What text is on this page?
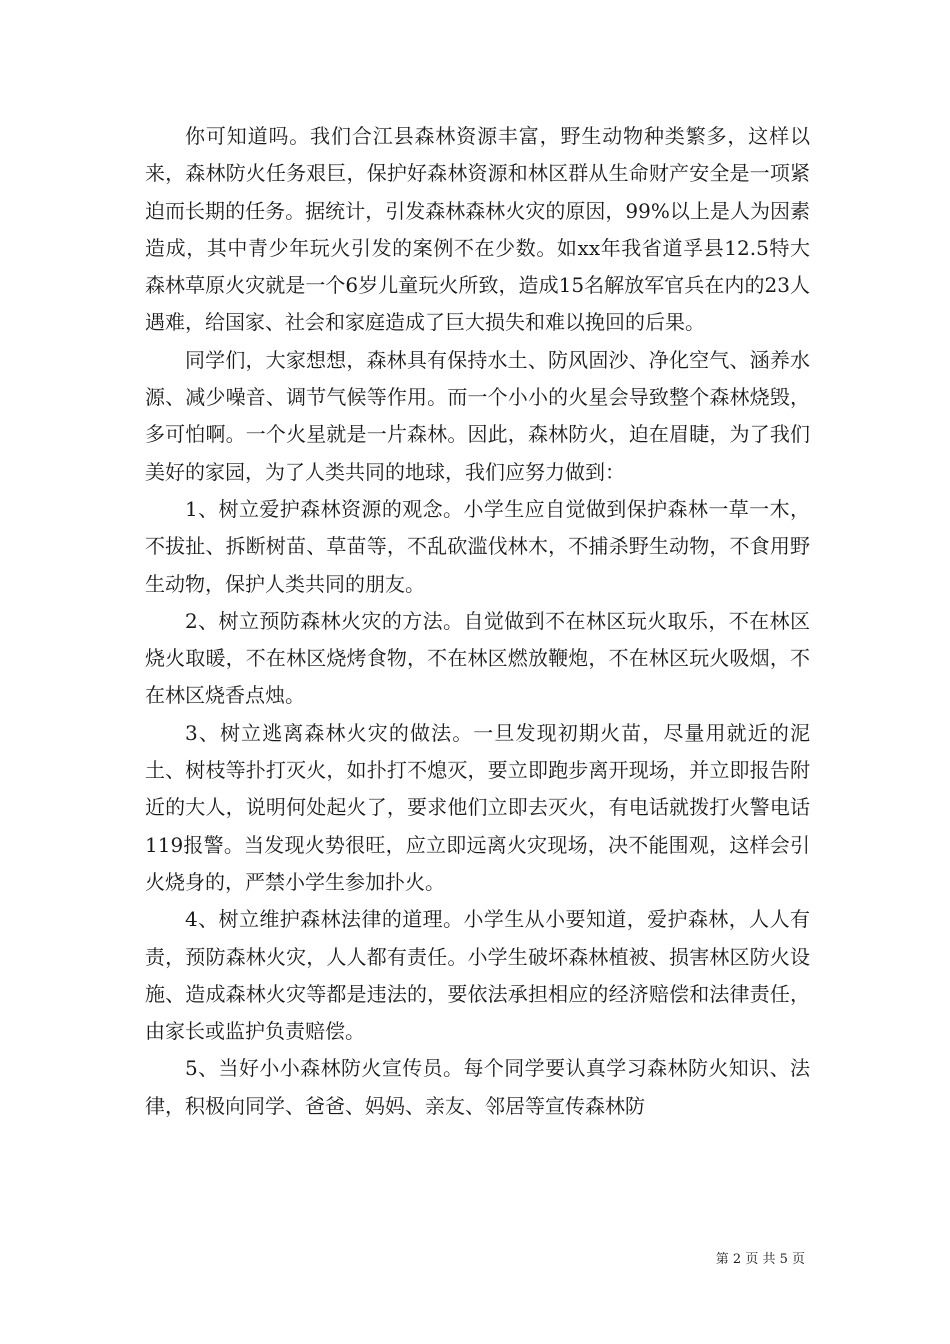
你可知道吗。我们合江县森林资源丰富，野生动物种类繁多，这样以来，森林防火任务艰巨，保护好森林资源和林区群从生命财产安全是一项紧迫而长期的任务。据统计，引发森林森林火灾的原因，99%以上是人为因素造成，其中青少年玩火引发的案例不在少数。如xx年我省道孚县12.5特大森林草原火灾就是一个6岁儿童玩火所致，造成15名解放军官兵在内的23人遇难，给国家、社会和家庭造成了巨大损失和难以挽回的后果。

同学们，大家想想，森林具有保持水土、防风固沙、净化空气、涵养水源、减少噪音、调节气候等作用。而一个小小的火星会导致整个森林烧毁，多可怕啊。一个火星就是一片森林。因此，森林防火，迫在眉睫，为了我们美好的家园，为了人类共同的地球，我们应努力做到：

1、树立爱护森林资源的观念。小学生应自觉做到保护森林一草一木，不拔扯、拆断树苗、草苗等，不乱砍滥伐林木，不捕杀野生动物，不食用野生动物，保护人类共同的朋友。

2、树立预防森林火灾的方法。自觉做到不在林区玩火取乐，不在林区烧火取暖，不在林区烧烤食物，不在林区燃放鞭炮，不在林区玩火吸烟，不在林区烧香点烛。

3、树立逃离森林火灾的做法。一旦发现初期火苗，尽量用就近的泥土、树枝等扑打灭火，如扑打不熄灭，要立即跑步离开现场，并立即报告附近的大人，说明何处起火了，要求他们立即去灭火，有电话就拨打火警电话119报警。当发现火势很旺，应立即远离火灾现场，决不能围观，这样会引火烧身的，严禁小学生参加扑火。

4、树立维护森林法律的道理。小学生从小要知道，爱护森林，人人有责，预防森林火灾，人人都有责任。小学生破坏森林植被、损害林区防火设施、造成森林火灾等都是违法的，要依法承担相应的经济赔偿和法律责任，由家长或监护负责赔偿。

5、当好小小森林防火宣传员。每个同学要认真学习森林防火知识、法律，积极向同学、爸爸、妈妈、亲友、邻居等宣传森林防

第 2 页 共 5 页
